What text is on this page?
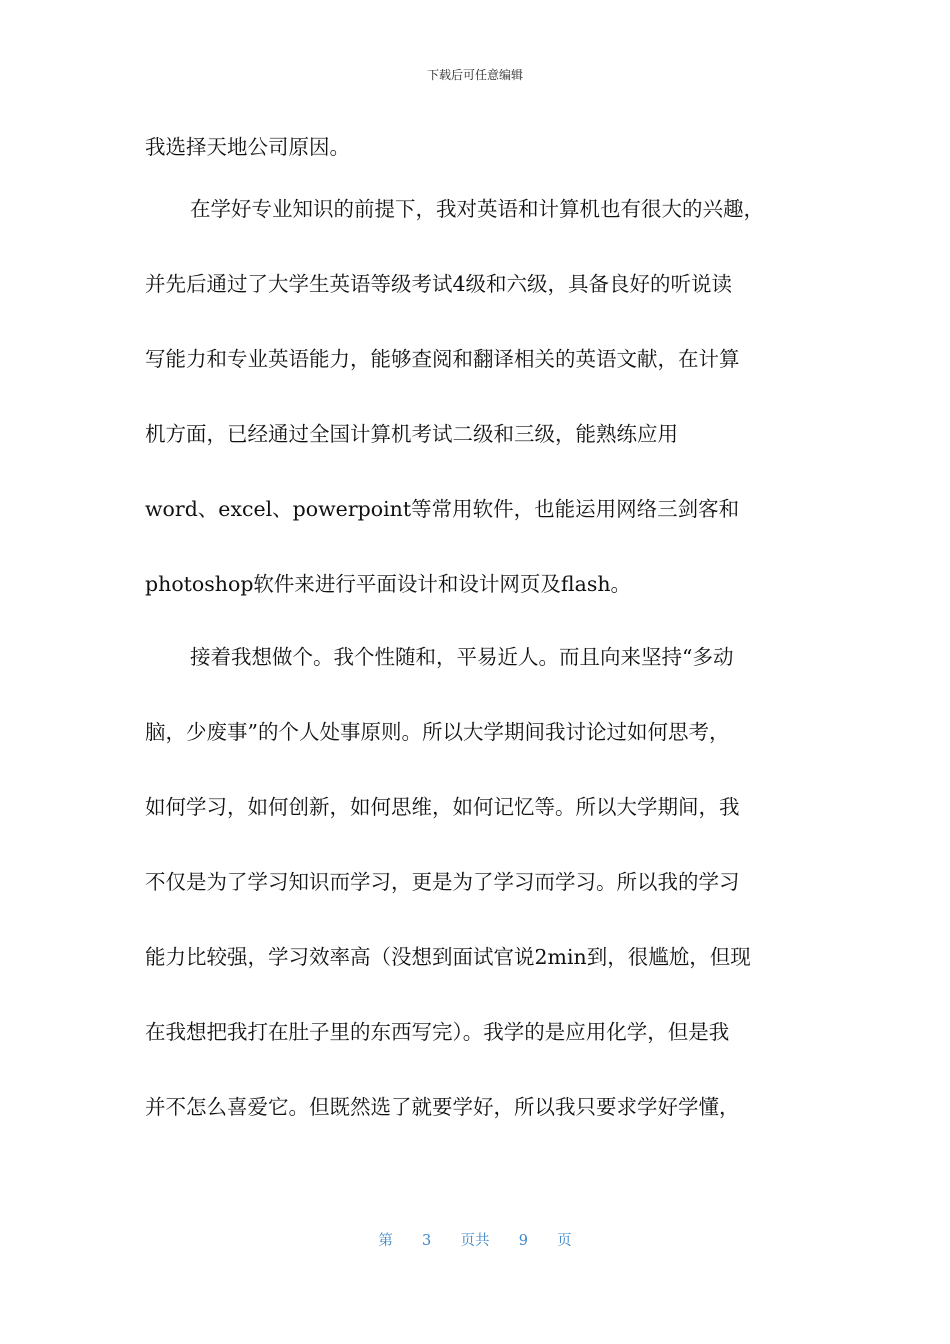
下载后可任意编辑
我选择天地公司原因。
在学好专业知识的前提下，我对英语和计算机也有很大的兴趣，
并先后通过了大学生英语等级考试4级和六级，具备良好的听说读
写能力和专业英语能力，能够查阅和翻译相关的英语文献，在计算
机方面，已经通过全国计算机考试二级和三级，能熟练应用
word、excel、powerpoint等常用软件，也能运用网络三剑客和
photoshop软件来进行平面设计和设计网页及flash。
接着我想做个。我个性随和，平易近人。而且向来坚持“多动
脑，少废事”的个人处事原则。所以大学期间我讨论过如何思考，
如何学习，如何创新，如何思维，如何记忆等。所以大学期间，我
不仅是为了学习知识而学习，更是为了学习而学习。所以我的学习
能力比较强，学习效率高（没想到面试官说2min到，很尴尬，但现
在我想把我打在肚子里的东西写完）。我学的是应用化学，但是我
并不怎么喜爱它。但既然选了就要学好，所以我只要求学好学懂，
第 3 页共 9 页
